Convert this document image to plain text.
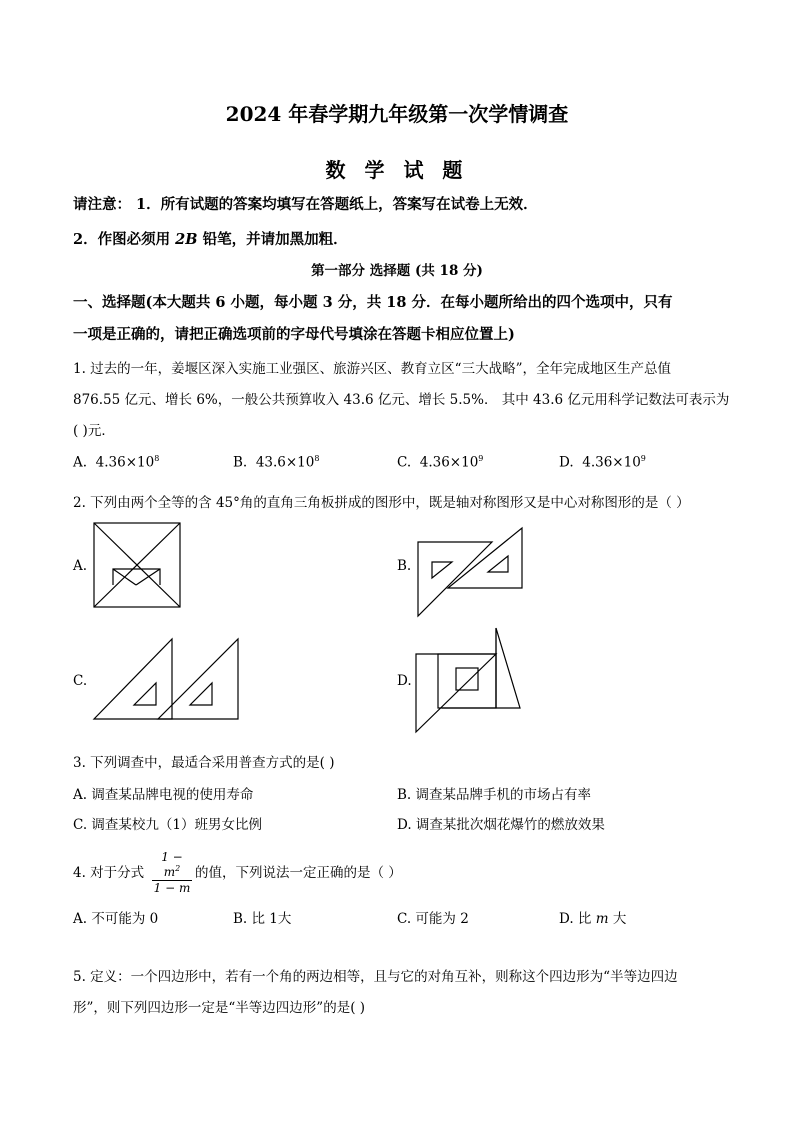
2024 年春学期九年级第一次学情调查
数 学 试 题
请注意： 1．所有试题的答案均填写在答题纸上，答案写在试卷上无效．
2．作图必须用 2B 铅笔，并请加黑加粗．
第一部分 选择题 (共 18 分)
一、选择题(本大题共 6 小题，每小题 3 分，共 18 分．在每小题所给出的四个选项中，只有
一项是正确的，请把正确选项前的字母代号填涂在答题卡相应位置上)
1. 过去的一年，姜堰区深入实施工业强区、旅游兴区、教育立区“三大战略”，全年完成地区生产总值
876.55 亿元、增长 6%，一般公共预算收入 43.6 亿元、增长 5.5%． 其中 43.6 亿元用科学记数法可表示为
( )元．
A. $4.36\times 10^8$	B. $43.6\times 10^8$	C. $4.36\times 10^9$	D. $4.36\times 10^9$
2. 下列由两个全等的含 45°角的直角三角板拼成的图形中，既是轴对称图形又是中心对称图形的是（ ）
A.	B.
C.	D.
3. 下列调查中，最适合采用普查方式的是( )
A. 调查某品牌电视的使用寿命	B. 调查某品牌手机的市场占有率
C. 调查某校九（1）班男女比例	D. 调查某批次烟花爆竹的燃放效果
4. 对于分式 $\frac{1 - m^2}{1 - m}$ 的值，下列说法一定正确的是（ ）
A. 不可能为 0	B. 比 1大	C. 可能为 2	D. 比 m 大
5. 定义：一个四边形中，若有一个角的两边相等，且与它的对角互补，则称这个四边形为“半等边四边
形”，则下列四边形一定是“半等边四边形”的是( )
